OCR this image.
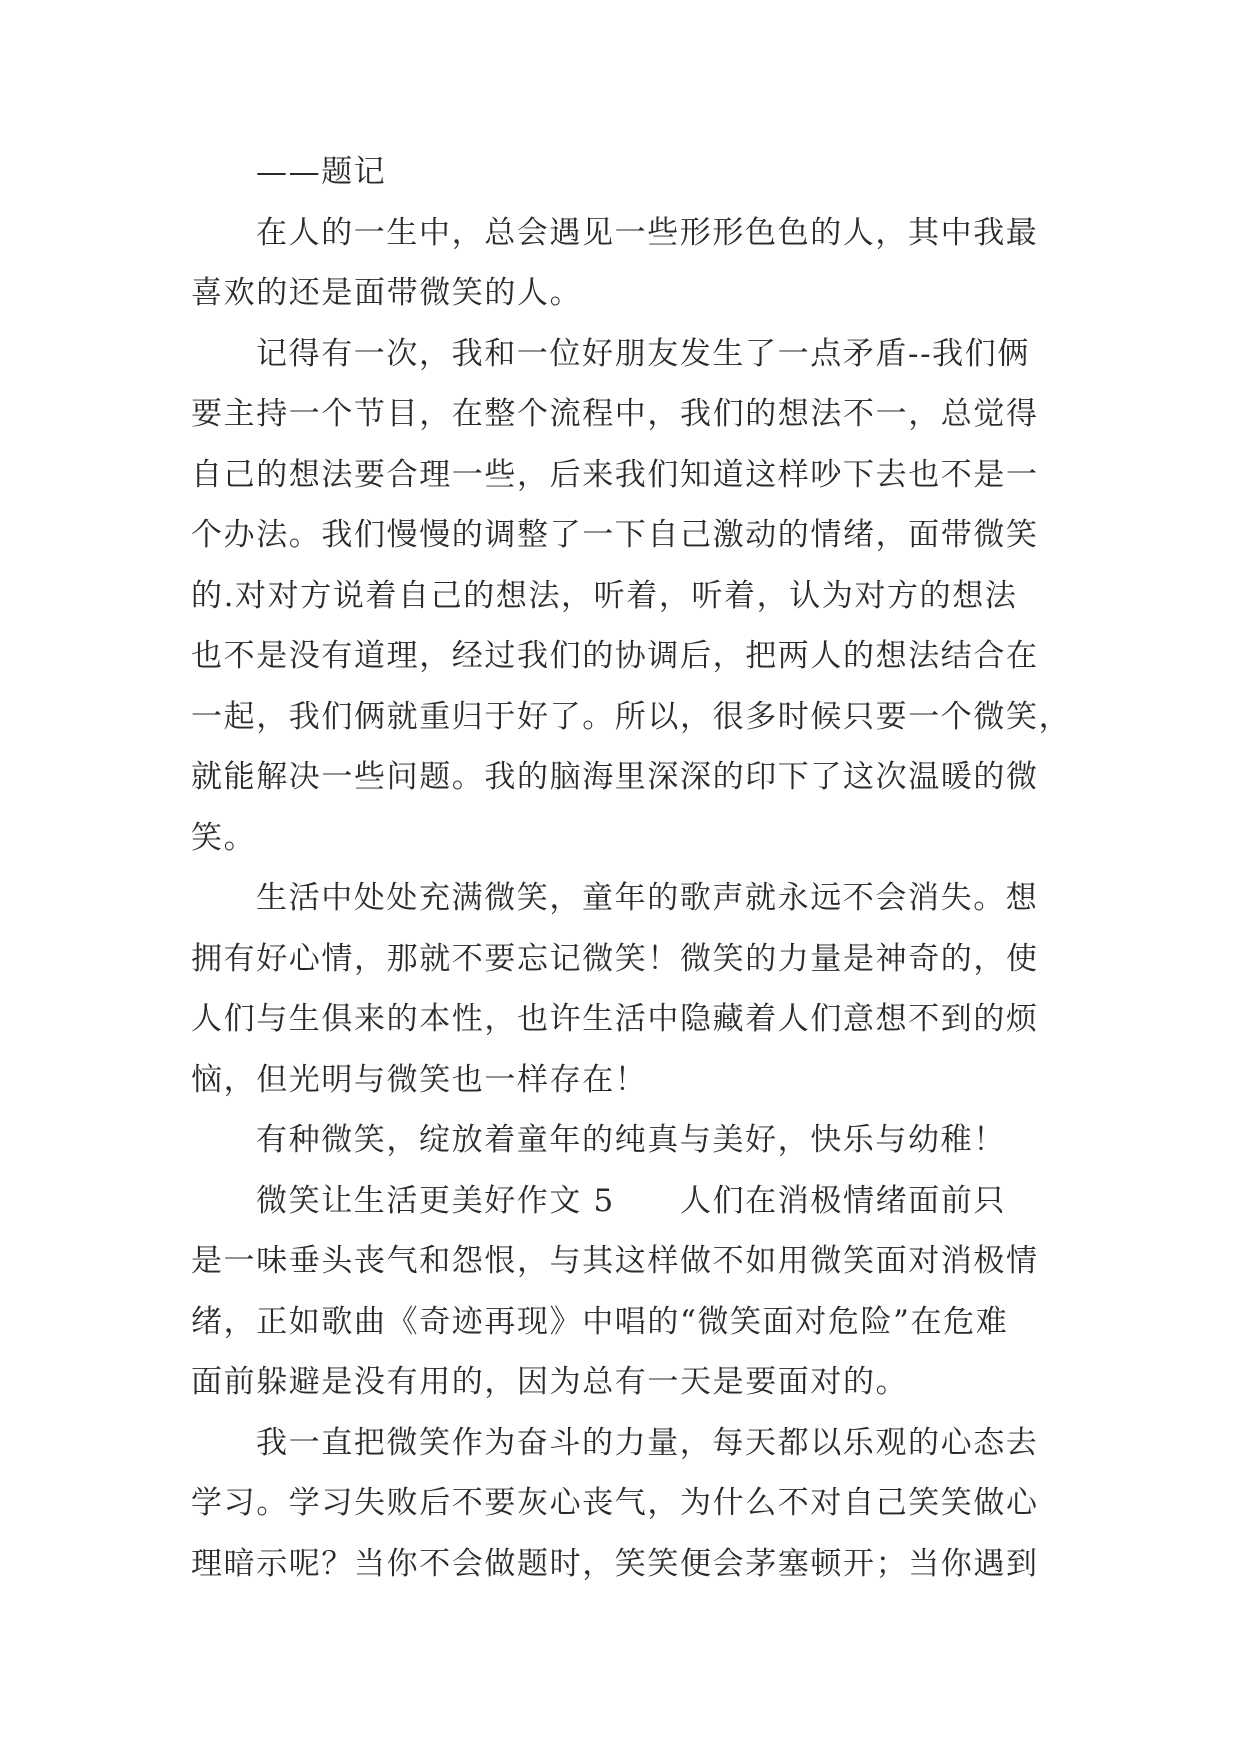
——题记
在人的一生中，总会遇见一些形形色色的人，其中我最
喜欢的还是面带微笑的人。
记得有一次，我和一位好朋友发生了一点矛盾--我们俩
要主持一个节目，在整个流程中，我们的想法不一，总觉得
自己的想法要合理一些，后来我们知道这样吵下去也不是一
个办法。我们慢慢的调整了一下自己激动的情绪，面带微笑
的.对对方说着自己的想法，听着，听着，认为对方的想法
也不是没有道理，经过我们的协调后，把两人的想法结合在
一起，我们俩就重归于好了。所以，很多时候只要一个微笑，
就能解决一些问题。我的脑海里深深的印下了这次温暖的微
笑。
生活中处处充满微笑，童年的歌声就永远不会消失。想
拥有好心情，那就不要忘记微笑！微笑的力量是神奇的，使
人们与生俱来的本性，也许生活中隐藏着人们意想不到的烦
恼，但光明与微笑也一样存在！
有种微笑，绽放着童年的纯真与美好，快乐与幼稚！
微笑让生活更美好作文 5　　人们在消极情绪面前只
是一味垂头丧气和怨恨，与其这样做不如用微笑面对消极情
绪，正如歌曲《奇迹再现》中唱的“微笑面对危险”在危难
面前躲避是没有用的，因为总有一天是要面对的。
我一直把微笑作为奋斗的力量，每天都以乐观的心态去
学习。学习失败后不要灰心丧气，为什么不对自己笑笑做心
理暗示呢？当你不会做题时，笑笑便会茅塞顿开；当你遇到
